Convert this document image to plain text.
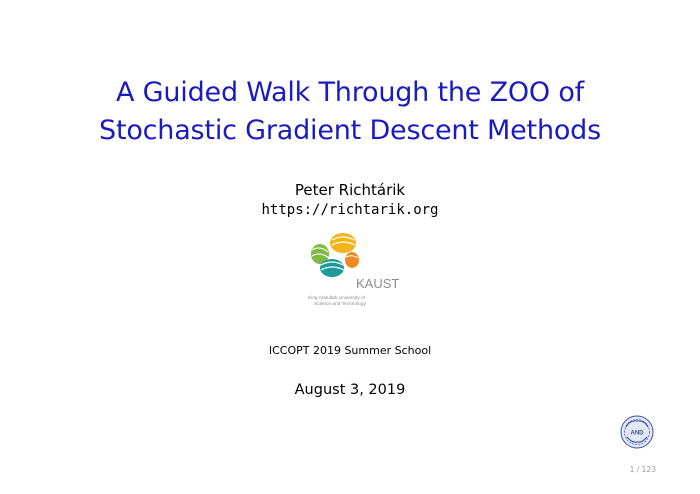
A Guided Walk Through the ZOO of
Stochastic Gradient Descent Methods
Peter Richtárik
https://richtarik.org
KAUST
King Abdullah University of
Science and Technology
ICCOPT 2019 Summer School
August 3, 2019
AND
1 / 123
